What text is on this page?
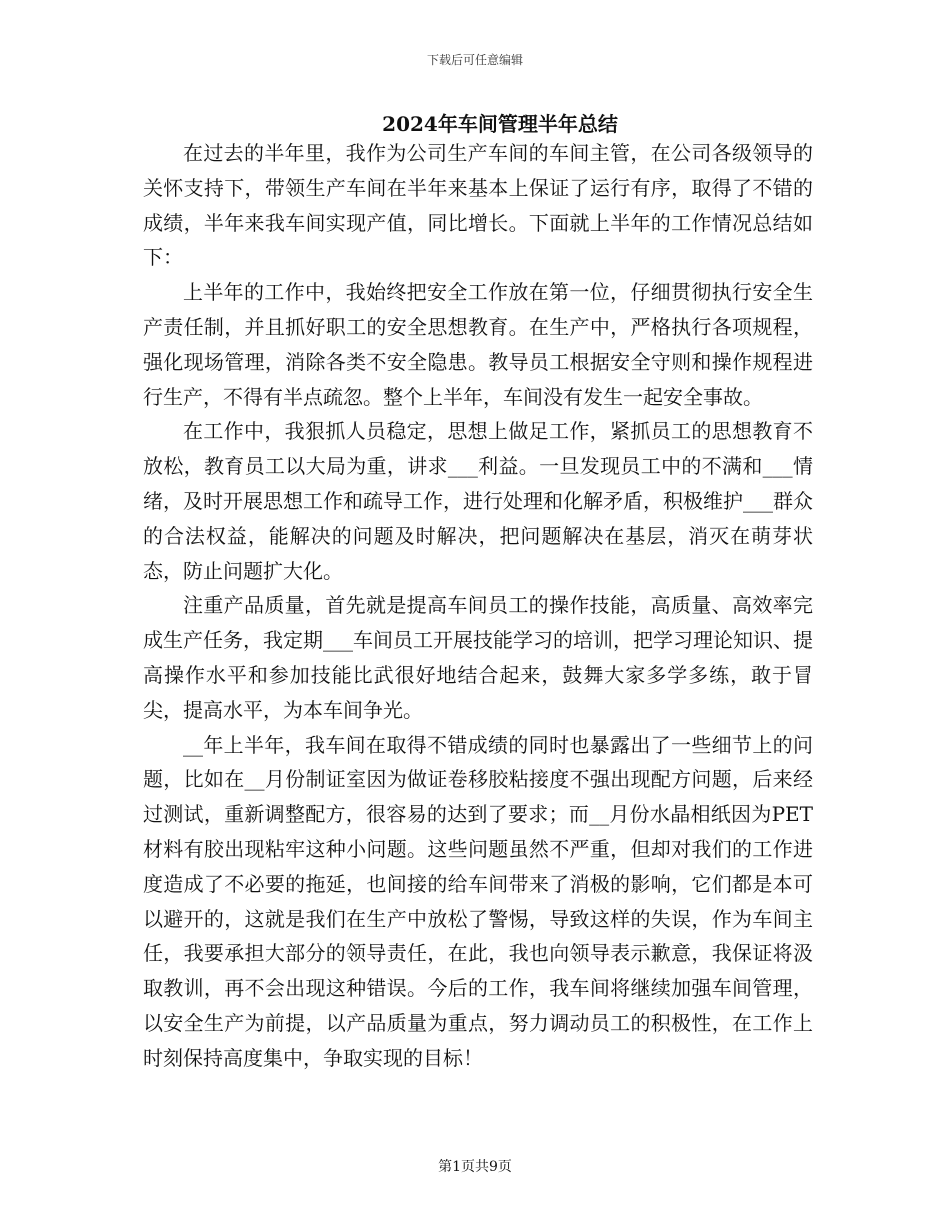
下载后可任意编辑
2024年车间管理半年总结

在过去的半年里，我作为公司生产车间的车间主管，在公司各级领导的关怀支持下，带领生产车间在半年来基本上保证了运行有序，取得了不错的成绩，半年来我车间实现产值，同比增长。下面就上半年的工作情况总结如下：

上半年的工作中，我始终把安全工作放在第一位，仔细贯彻执行安全生产责任制，并且抓好职工的安全思想教育。在生产中，严格执行各项规程，强化现场管理，消除各类不安全隐患。教导员工根据安全守则和操作规程进行生产，不得有半点疏忽。整个上半年，车间没有发生一起安全事故。

在工作中，我狠抓人员稳定，思想上做足工作，紧抓员工的思想教育不放松，教育员工以大局为重，讲求___利益。一旦发现员工中的不满和___情绪，及时开展思想工作和疏导工作，进行处理和化解矛盾，积极维护___群众的合法权益，能解决的问题及时解决，把问题解决在基层，消灭在萌芽状态，防止问题扩大化。

注重产品质量，首先就是提高车间员工的操作技能，高质量、高效率完成生产任务，我定期___车间员工开展技能学习的培训，把学习理论知识、提高操作水平和参加技能比武很好地结合起来，鼓舞大家多学多练，敢于冒尖，提高水平，为本车间争光。

__年上半年，我车间在取得不错成绩的同时也暴露出了一些细节上的问题，比如在__月份制证室因为做证卷移胶粘接度不强出现配方问题，后来经过测试，重新调整配方，很容易的达到了要求；而__月份水晶相纸因为PET材料有胶出现粘牢这种小问题。这些问题虽然不严重，但却对我们的工作进度造成了不必要的拖延，也间接的给车间带来了消极的影响，它们都是本可以避开的，这就是我们在生产中放松了警惕，导致这样的失误，作为车间主任，我要承担大部分的领导责任，在此，我也向领导表示歉意，我保证将汲取教训，再不会出现这种错误。今后的工作，我车间将继续加强车间管理，以安全生产为前提，以产品质量为重点，努力调动员工的积极性，在工作上时刻保持高度集中，争取实现的目标！

第1页共9页
